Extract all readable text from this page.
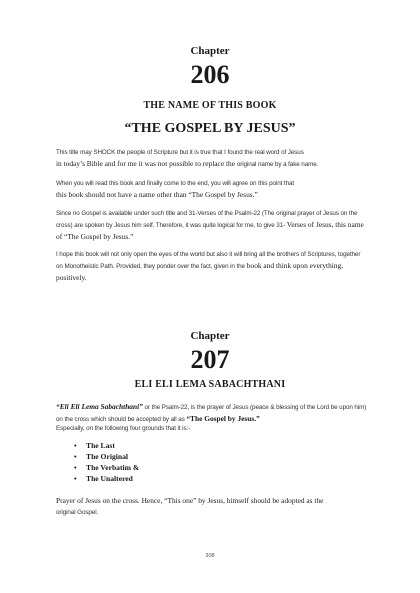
Chapter
206
THE NAME OF THIS BOOK
“THE GOSPEL BY JESUS”
This title may SHOCK the people of Scripture but it is true that I found the real word of Jesus
in today’s Bible and for me it was not possible to replace the original name by a fake name.
When you will read this book and finally come to the end, you will agree on this point that
this book should not have a name other than “The Gospel by Jesus.”
Since no Gospel is available under such title and 31-Verses of the Psalm-22 (The original prayer of Jesus on the cross) are spoken by Jesus him self. Therefore, it was quite logical for me, to give 31- Verses of Jesus, this name of “The Gospel by Jesus.”
I hope this book will not only open the eyes of the world but also it will bring all the brothers of Scriptures, together on Monotheistic Path. Provided, they ponder over the fact, given in the book and think upon everything, positively.
Chapter
207
ELI ELI LEMA SABACHTHANI
“Eli Eli Lema Sabachthani” or the Psalm-22, is the prayer of Jesus (peace & blessing of the Lord be upon him) on the cross which should be accepted by all as “The Gospel by Jesus.”
Especially, on the following four grounds that it is:-
• The Last
• The Original
• The Verbatim &
• The Unaltered
Prayer of Jesus on the cross. Hence, “This one” by Jesus, himself should be adopted as the
original Gospel.
308
